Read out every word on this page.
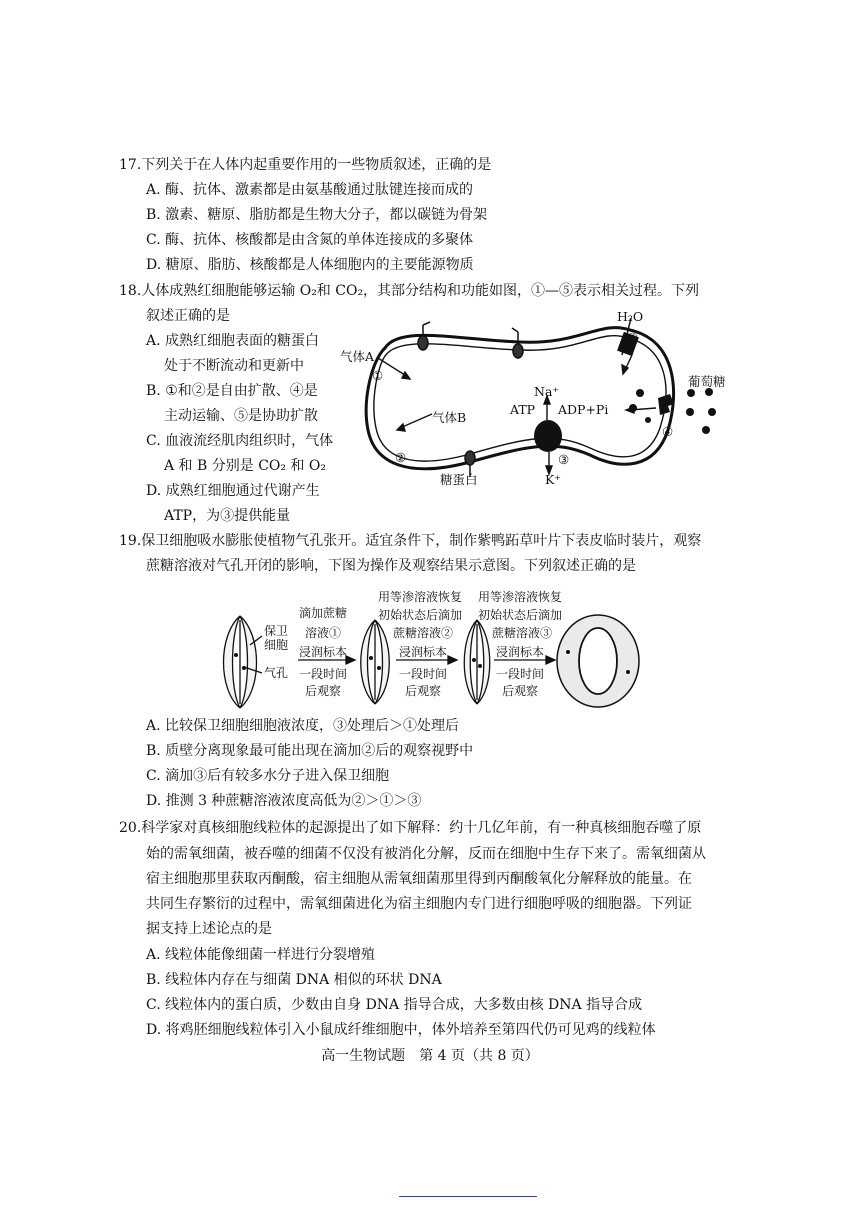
17.下列关于在人体内起重要作用的一些物质叙述，正确的是
A. 酶、抗体、激素都是由氨基酸通过肽键连接而成的
B. 激素、糖原、脂肪都是生物大分子，都以碳链为骨架
C. 酶、抗体、核酸都是由含氮的单体连接成的多聚体
D. 糖原、脂肪、核酸都是人体细胞内的主要能源物质
18.人体成熟红细胞能够运输 O₂和 CO₂，其部分结构和功能如图，①—⑤表示相关过程。下列
叙述正确的是
A. 成熟红细胞表面的糖蛋白
处于不断流动和更新中
B. ①和②是自由扩散、④是
主动运输、⑤是协助扩散
C. 血液流经肌肉组织时，气体
A 和 B 分别是 CO₂ 和 O₂
D. 成熟红细胞通过代谢产生
ATP，为③提供能量
H₂O
⑤
气体A
①
Na⁺
葡萄糖
ATP ADP+Pi
气体B
④
②	③
糖蛋白	K⁺
19.保卫细胞吸水膨胀使植物气孔张开。适宜条件下，制作紫鸭跖草叶片下表皮临时装片，观察
蔗糖溶液对气孔开闭的影响，下图为操作及观察结果示意图。下列叙述正确的是
保卫
细胞
气孔
滴加蔗糖
溶液①
浸润标本
一段时间
后观察
用等渗溶液恢复
初始状态后滴加
蔗糖溶液②
浸润标本
一段时间
后观察
用等渗溶液恢复
初始状态后滴加
蔗糖溶液③
浸润标本
一段时间
后观察
A. 比较保卫细胞细胞液浓度，③处理后＞①处理后
B. 质壁分离现象最可能出现在滴加②后的观察视野中
C. 滴加③后有较多水分子进入保卫细胞
D. 推测 3 种蔗糖溶液浓度高低为②＞①＞③
20.科学家对真核细胞线粒体的起源提出了如下解释：约十几亿年前，有一种真核细胞吞噬了原
始的需氧细菌，被吞噬的细菌不仅没有被消化分解，反而在细胞中生存下来了。需氧细菌从
宿主细胞那里获取丙酮酸，宿主细胞从需氧细菌那里得到丙酮酸氧化分解释放的能量。在
共同生存繁衍的过程中，需氧细菌进化为宿主细胞内专门进行细胞呼吸的细胞器。下列证
据支持上述论点的是
A. 线粒体能像细菌一样进行分裂增殖
B. 线粒体内存在与细菌 DNA 相似的环状 DNA
C. 线粒体内的蛋白质，少数由自身 DNA 指导合成，大多数由核 DNA 指导合成
D. 将鸡胚细胞线粒体引入小鼠成纤维细胞中，体外培养至第四代仍可见鸡的线粒体
高一生物试题　第 4 页（共 8 页）
